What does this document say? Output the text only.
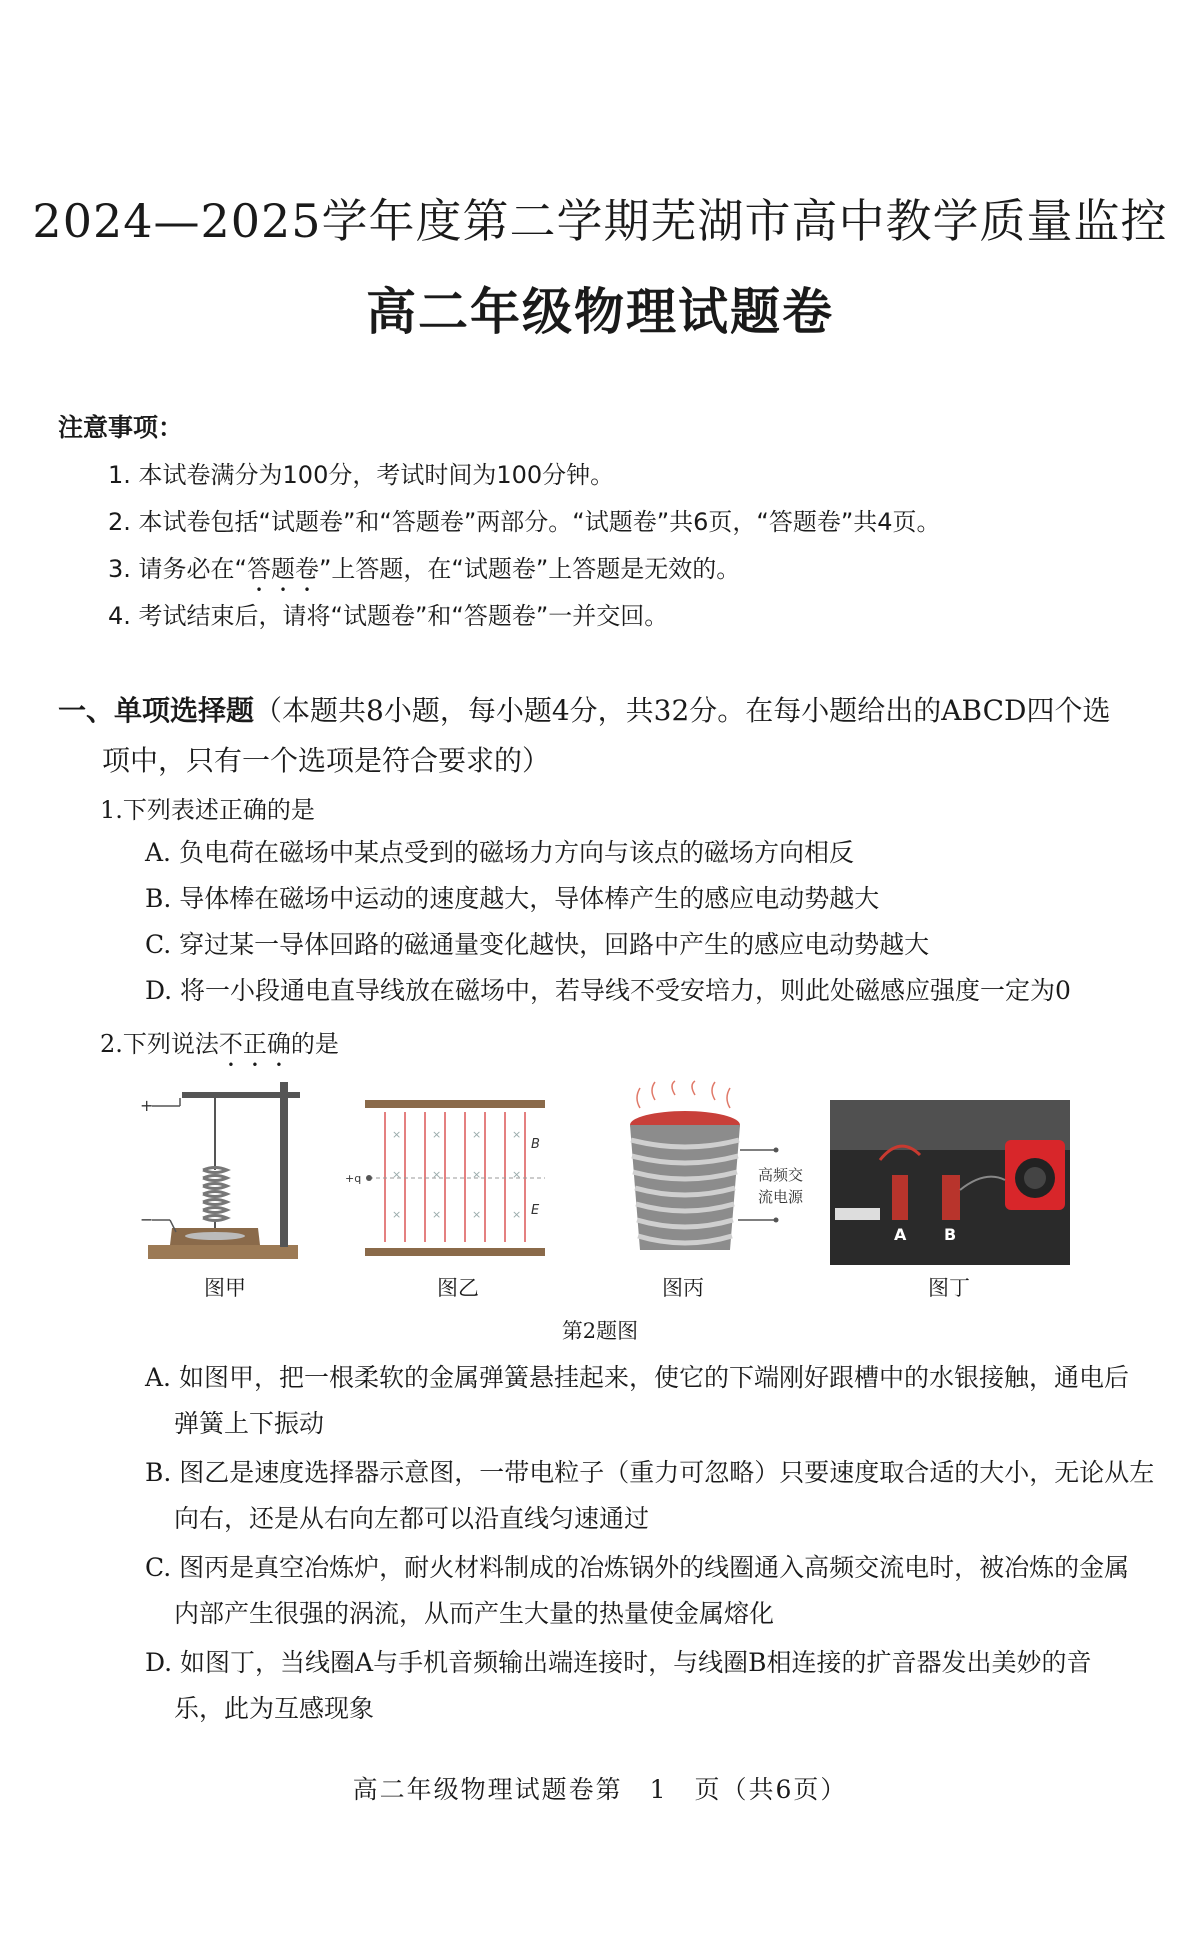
2024—2025学年度第二学期芜湖市高中教学质量监控
高二年级物理试题卷
注意事项：
1. 本试卷满分为100分，考试时间为100分钟。
2. 本试卷包括“试题卷”和“答题卷”两部分。“试题卷”共6页，“答题卷”共4页。
3. 请务必在“答题卷”上答题，在“试题卷”上答题是无效的。
4. 考试结束后，请将“试题卷”和“答题卷”一并交回。
一、单项选择题（本题共8小题，每小题4分，共32分。在每小题给出的ABCD四个选
项中，只有一个选项是符合要求的）
1.下列表述正确的是
A. 负电荷在磁场中某点受到的磁场力方向与该点的磁场方向相反
B. 导体棒在磁场中运动的速度越大，导体棒产生的感应电动势越大
C. 穿过某一导体回路的磁通量变化越快，回路中产生的感应电动势越大
D. 将一小段通电直导线放在磁场中，若导线不受安培力，则此处磁感应强度一定为0
2.下列说法不正确的是
+
−
×	×	×	×
×	×	×	×
×	×	×	×
+q
B
E
高频交
流电源
A B
图甲	图乙	图丙	图丁
第2题图
A. 如图甲，把一根柔软的金属弹簧悬挂起来，使它的下端刚好跟槽中的水银接触，通电后
弹簧上下振动
B. 图乙是速度选择器示意图，一带电粒子（重力可忽略）只要速度取合适的大小，无论从左
向右，还是从右向左都可以沿直线匀速通过
C. 图丙是真空冶炼炉，耐火材料制成的冶炼锅外的线圈通入高频交流电时，被冶炼的金属
内部产生很强的涡流，从而产生大量的热量使金属熔化
D. 如图丁，当线圈A与手机音频输出端连接时，与线圈B相连接的扩音器发出美妙的音
乐，此为互感现象
高二年级物理试题卷第　1　页（共6页）
